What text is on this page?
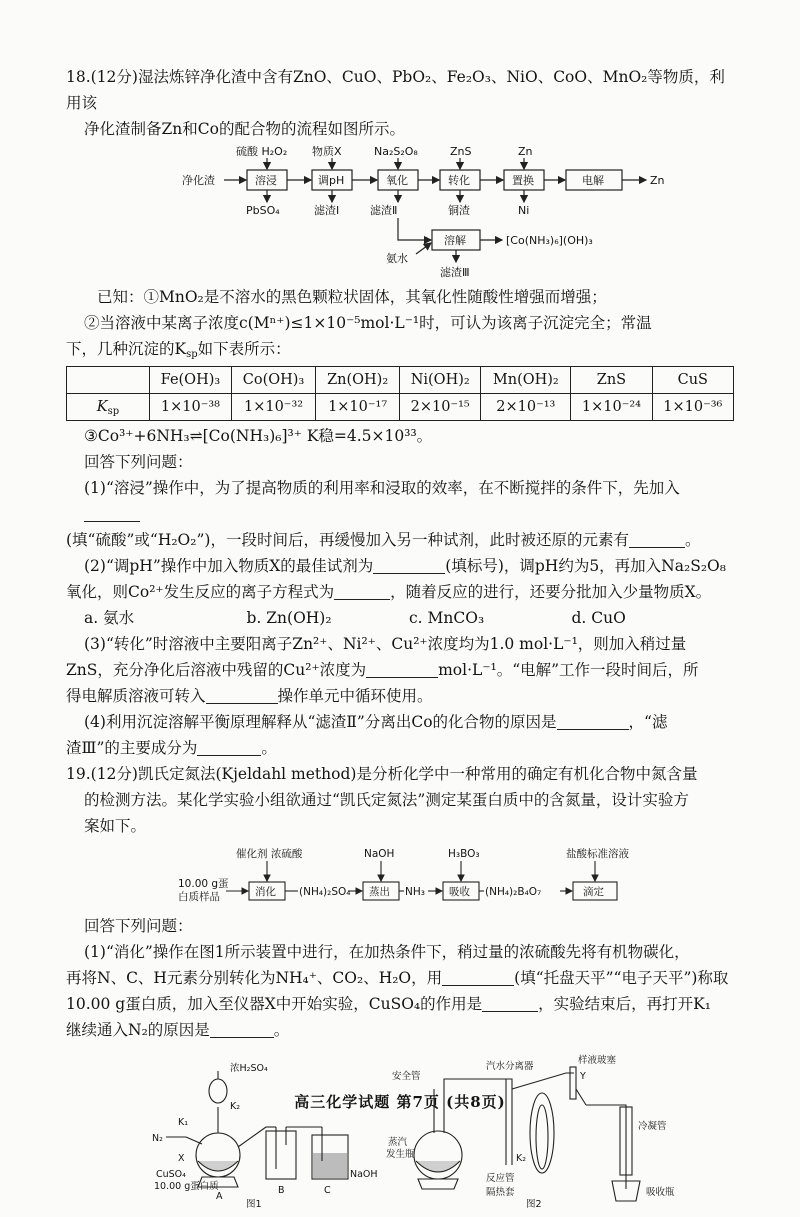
18.(12分)湿法炼锌净化渣中含有ZnO、CuO、PbO₂、Fe₂O₃、NiO、CoO、MnO₂等物质，利用该

净化渣制备Zn和Co的配合物的流程如图所示。

净化渣	溶浸	调pH	氧化	转化	置换	电解
溶解
硫酸 H₂O₂ 物质X	Na₂S₂O₈	ZnS	Zn
氨水
PbSO₄	滤渣Ⅰ	滤渣Ⅱ	铜渣	Ni
Zn
[Co(NH₃)₆](OH)₃
滤渣Ⅲ

已知：①MnO₂是不溶水的黑色颗粒状固体，其氧化性随酸性增强而增强；

②当溶液中某离子浓度c(Mⁿ⁺)≤1×10⁻⁵mol·L⁻¹时，可认为该离子沉淀完全；常温

下，几种沉淀的$K_{sp}$如下表所示：

	Fe(OH)₃	Co(OH)₃	Zn(OH)₂	Ni(OH)₂	Mn(OH)₂	ZnS	CuS
$K_{sp}$	1×10⁻³⁸	1×10⁻³²	1×10⁻¹⁷	2×10⁻¹⁵	2×10⁻¹³	1×10⁻²⁴	1×10⁻³⁶

③Co³⁺+6NH₃⇌[Co(NH₃)₆]³⁺ K稳=4.5×10³³。

回答下列问题：

(1)“溶浸”操作中，为了提高物质的利用率和浸取的效率，在不断搅拌的条件下，先加入

(填“硫酸”或“H₂O₂”)，一段时间后，再缓慢加入另一种试剂，此时被还原的元素有	。

(2)“调pH”操作中加入物质X的最佳试剂为	(填标号)，调pH约为5，再加入Na₂S₂O₈

氧化，则Co²⁺发生反应的离子方程式为	，随着反应的进行，还要分批加入少量物质X。

a. 氨水	b. Zn(OH)₂	c. MnCO₃	d. CuO

(3)“转化”时溶液中主要阳离子Zn²⁺、Ni²⁺、Cu²⁺浓度均为1.0 mol·L⁻¹，则加入稍过量

ZnS，充分净化后溶液中残留的Cu²⁺浓度为	mol·L⁻¹。“电解”工作一段时间后，所

得电解质溶液可转入	操作单元中循环使用。

(4)利用沉淀溶解平衡原理解释从“滤渣Ⅱ”分离出Co的化合物的原因是	，“滤

渣Ⅲ”的主要成分为	。

19.(12分)凯氏定氮法(Kjeldahl method)是分析化学中一种常用的确定有机化合物中氮含量

的检测方法。某化学实验小组欲通过“凯氏定氮法”测定某蛋白质中的含氮量，设计实验方

案如下。

10.00 g蛋
白质样品	消化	蒸出	吸收	滴定
催化剂 浓硫酸	NaOH	H₃BO₃	盐酸标准溶液
(NH₄)₂SO₄	NH₃	(NH₄)₂B₄O₇

回答下列问题：

(1)“消化”操作在图1所示装置中进行，在加热条件下，稍过量的浓硫酸先将有机物碳化，

再将N、C、H元素分别转化为NH₄⁺、CO₂、H₂O，用	(填“托盘天平”“电子天平”)称取

10.00 g蛋白质，加入至仪器X中开始实验，CuSO₄的作用是	，实验结束后，再打开K₁

继续通入N₂的原因是	。

浓H₂SO₄
K₂
K₁
N₂
X
CuSO₄
10.00 g蛋白质
A
B	C
NaOH
图1
安全管
汽水分离器
样液玻塞
Y
冷凝管
蒸汽
发生瓶	K₂
反应管
隔热套	吸收瓶
图2
高三化学试题 第7页 (共8页)
